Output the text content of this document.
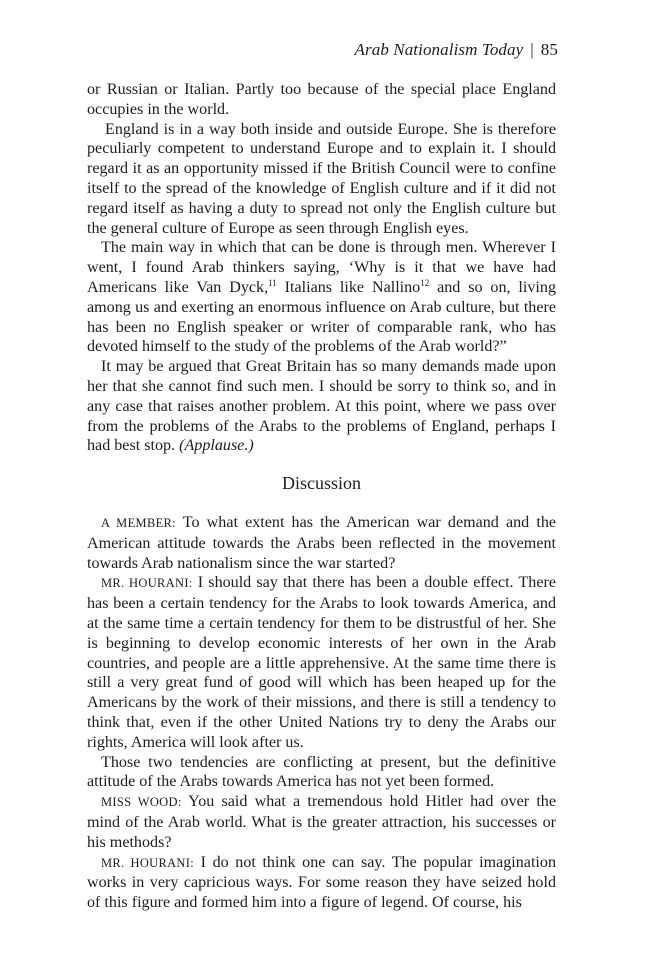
Arab Nationalism Today | 85

or Russian or Italian. Partly too because of the special place England occupies in the world.

England is in a way both inside and outside Europe. She is therefore peculiarly competent to understand Europe and to explain it. I should regard it as an opportunity missed if the British Council were to confine itself to the spread of the knowledge of English culture and if it did not regard itself as having a duty to spread not only the English culture but the general culture of Europe as seen through English eyes.

The main way in which that can be done is through men. Wherever I went, I found Arab thinkers saying, ‘Why is it that we have had Americans like Van Dyck,$^{11}$ Italians like Nallino$^{12}$ and so on, living among us and exerting an enormous influence on Arab culture, but there has been no English speaker or writer of comparable rank, who has devoted himself to the study of the problems of the Arab world?”

It may be argued that Great Britain has so many demands made upon her that she cannot find such men. I should be sorry to think so, and in any case that raises another problem. At this point, where we pass over from the problems of the Arabs to the problems of England, perhaps I had best stop. (Applause.)

Discussion

A MEMBER: To what extent has the American war demand and the American attitude towards the Arabs been reflected in the movement towards Arab nationalism since the war started?

MR. HOURANI: I should say that there has been a double effect. There has been a certain tendency for the Arabs to look towards America, and at the same time a certain tendency for them to be distrustful of her. She is beginning to develop economic interests of her own in the Arab countries, and people are a little apprehensive. At the same time there is still a very great fund of good will which has been heaped up for the Americans by the work of their missions, and there is still a tendency to think that, even if the other United Nations try to deny the Arabs our rights, America will look after us.

Those two tendencies are conflicting at present, but the definitive attitude of the Arabs towards America has not yet been formed.

MISS WOOD: You said what a tremendous hold Hitler had over the mind of the Arab world. What is the greater attraction, his successes or his methods?

MR. HOURANI: I do not think one can say. The popular imagination works in very capricious ways. For some reason they have seized hold of this figure and formed him into a figure of legend. Of course, his
